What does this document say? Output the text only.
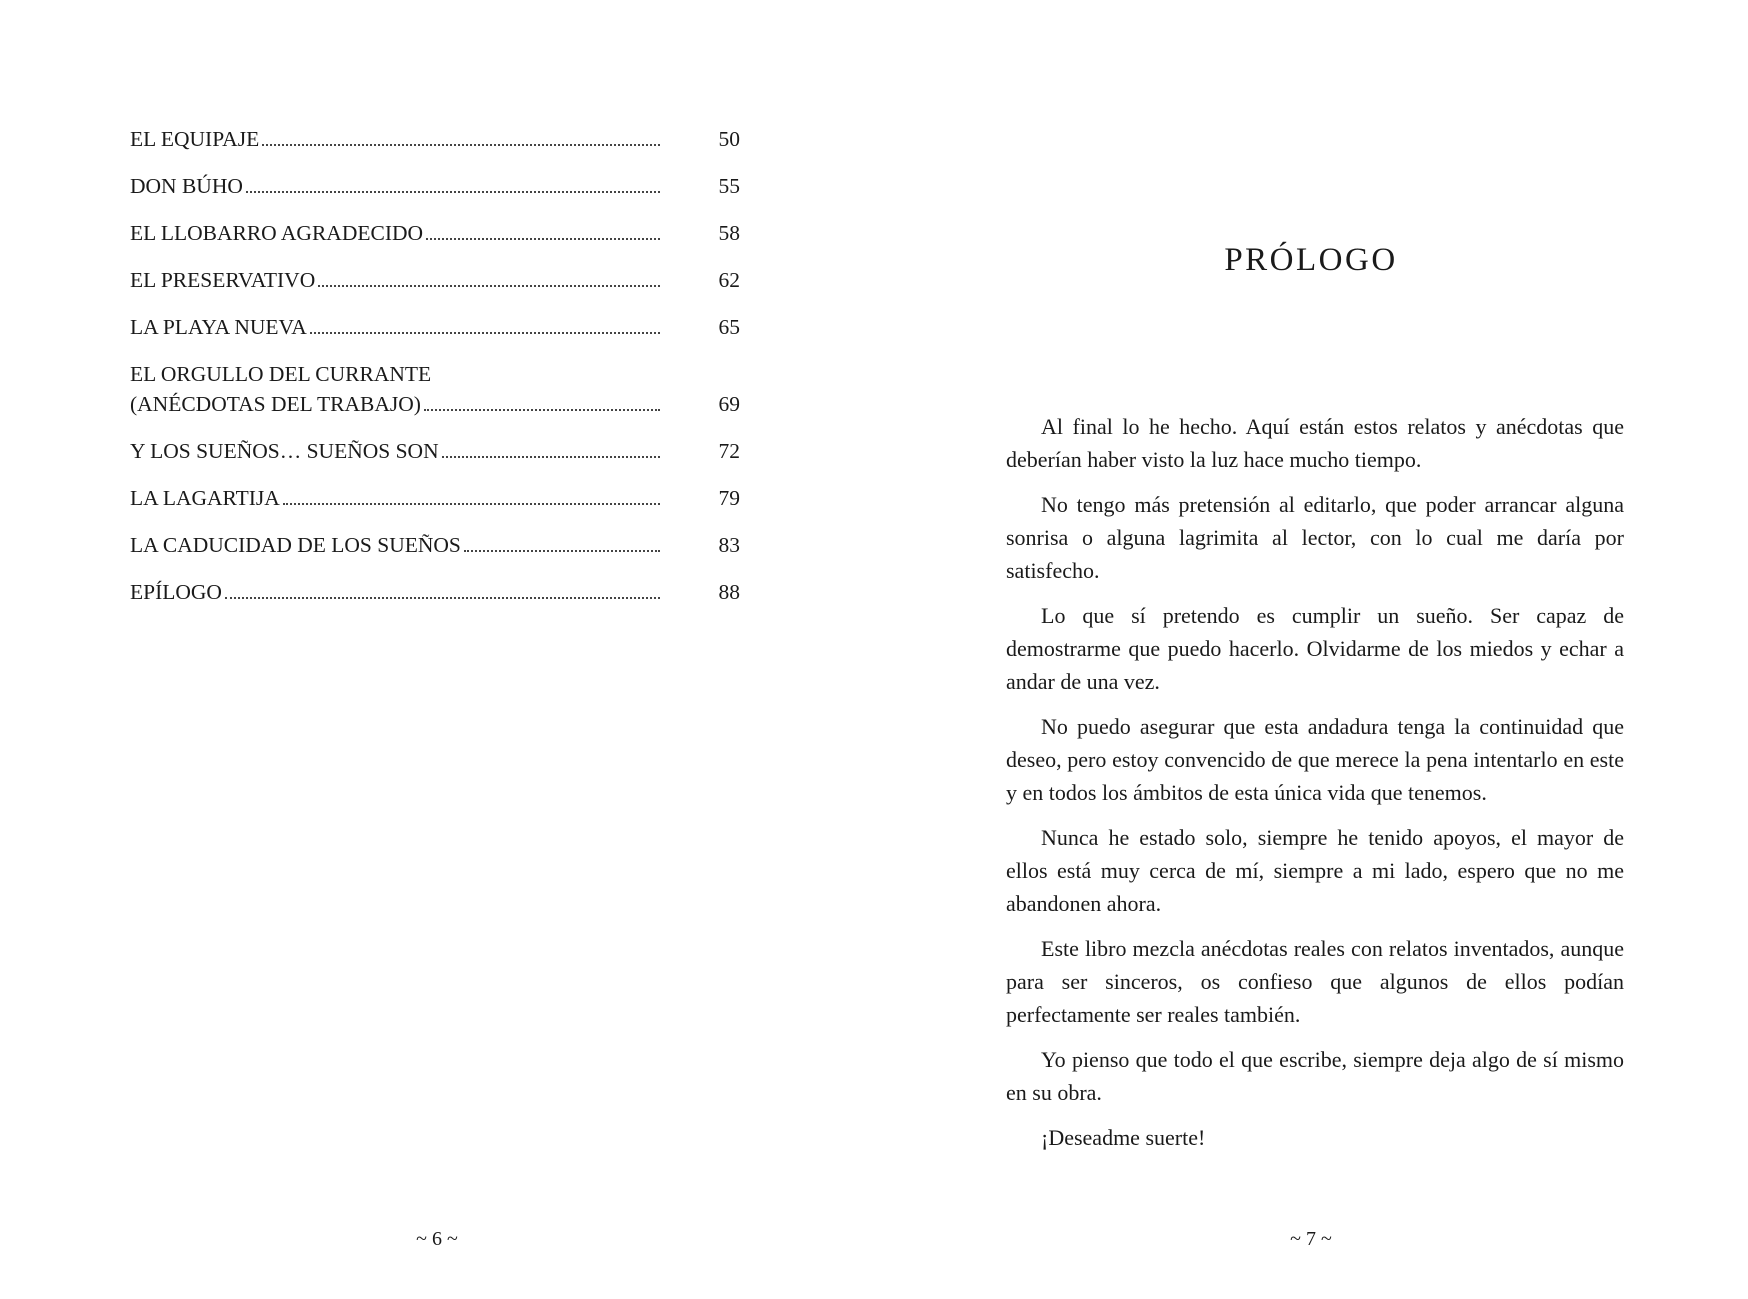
EL EQUIPAJE	50
DON BÚHO	55
EL LLOBARRO AGRADECIDO	58
EL PRESERVATIVO	62
LA PLAYA NUEVA	65
EL ORGULLO DEL CURRANTE
(ANÉCDOTAS DEL TRABAJO)	69
Y LOS SUEÑOS… SUEÑOS SON	72
LA LAGARTIJA	79
LA CADUCIDAD DE LOS SUEÑOS	83
EPÍLOGO	88
~ 6 ~
PRÓLOGO

Al final lo he hecho. Aquí están estos relatos y anécdotas que deberían haber visto la luz hace mucho tiempo.

No tengo más pretensión al editarlo, que poder arrancar alguna sonrisa o alguna lagrimita al lector, con lo cual me daría por satisfecho.

Lo que sí pretendo es cumplir un sueño. Ser capaz de demostrarme que puedo hacerlo. Olvidarme de los miedos y echar a andar de una vez.

No puedo asegurar que esta andadura tenga la continuidad que deseo, pero estoy convencido de que merece la pena intentarlo en este y en todos los ámbitos de esta única vida que tenemos.

Nunca he estado solo, siempre he tenido apoyos, el mayor de ellos está muy cerca de mí, siempre a mi lado, espero que no me abandonen ahora.

Este libro mezcla anécdotas reales con relatos inventados, aunque para ser sinceros, os confieso que algunos de ellos podían perfectamente ser reales también.

Yo pienso que todo el que escribe, siempre deja algo de sí mismo en su obra.

¡Deseadme suerte!

~ 7 ~
